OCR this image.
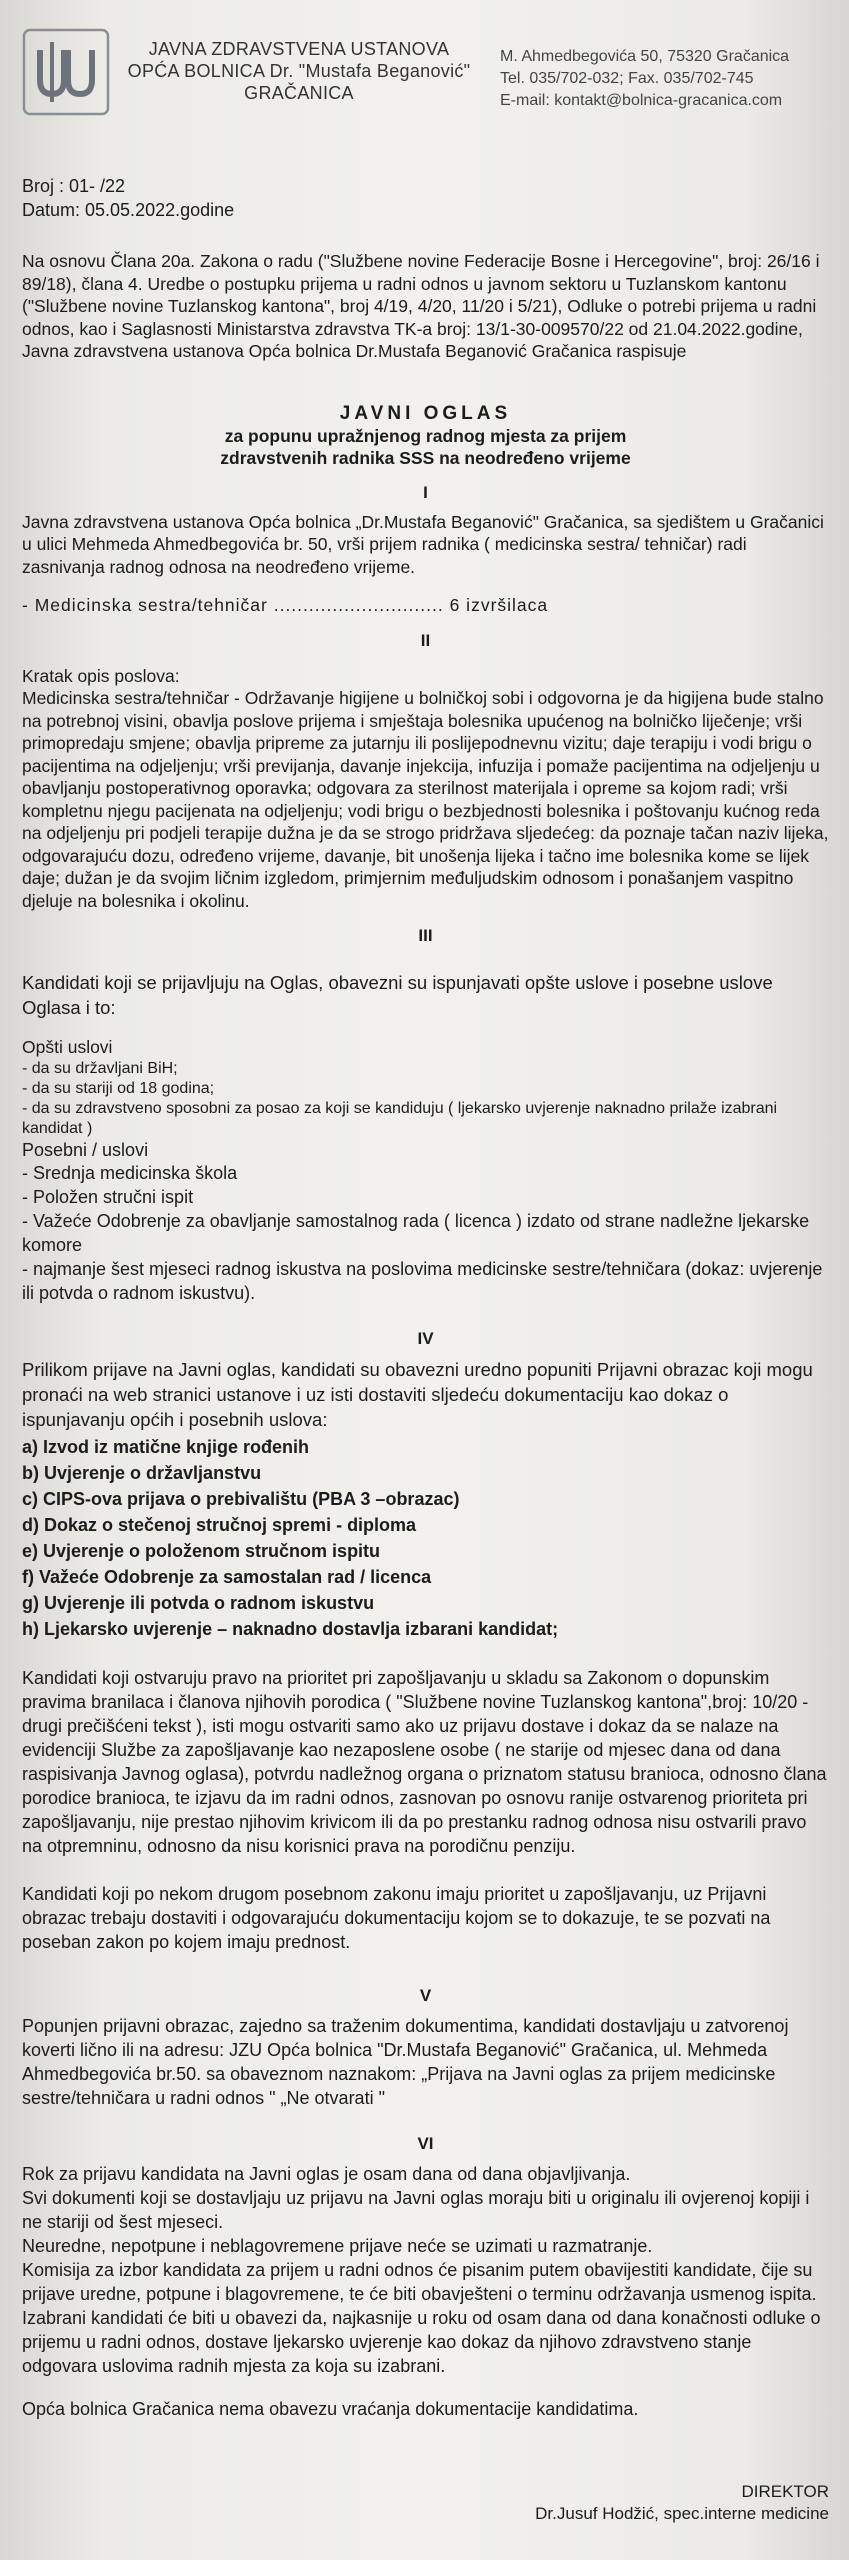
JAVNA ZDRAVSTVENA USTANOVA
OPĆA BOLNICA Dr. "Mustafa Beganović"
GRAČANICA
M. Ahmedbegovića 50, 75320 Gračanica
Tel. 035/702-032; Fax. 035/702-745
E-mail: kontakt@bolnica-gracanica.com
Broj : 01- /22
Datum: 05.05.2022.godine

Na osnovu Člana 20a. Zakona o radu ("Službene novine Federacije Bosne i Hercegovine", broj: 26/16 i 89/18), člana 4. Uredbe o postupku prijema u radni odnos u javnom sektoru u Tuzlanskom kantonu ("Službene novine Tuzlanskog kantona", broj 4/19, 4/20, 11/20 i 5/21), Odluke o potrebi prijema u radni odnos, kao i Saglasnosti Ministarstva zdravstva TK-a broj: 13/1-30-009570/22 od 21.04.2022.godine, Javna zdravstvena ustanova Opća bolnica Dr.Mustafa Beganović Gračanica raspisuje

JAVNI OGLAS
za popunu upražnjenog radnog mjesta za prijem
zdravstvenih radnika SSS na neodređeno vrijeme
I

Javna zdravstvena ustanova Opća bolnica „Dr.Mustafa Beganović" Gračanica, sa sjedištem u Gračanici u ulici Mehmeda Ahmedbegovića br. 50, vrši prijem radnika ( medicinska sestra/ tehničar) radi zasnivanja radnog odnosa na neodređeno vrijeme.

- Medicinska sestra/tehničar ............................. 6 izvršilaca

II

Kratak opis poslova:

Medicinska sestra/tehničar - Održavanje higijene u bolničkoj sobi i odgovorna je da higijena bude stalno na potrebnoj visini, obavlja poslove prijema i smještaja bolesnika upućenog na bolničko liječenje; vrši primopredaju smjene; obavlja pripreme za jutarnju ili poslijepodnevnu vizitu; daje terapiju i vodi brigu o pacijentima na odjeljenju; vrši previjanja, davanje injekcija, infuzija i pomaže pacijentima na odjeljenju u obavljanju postoperativnog oporavka; odgovara za sterilnost materijala i opreme sa kojom radi; vrši kompletnu njegu pacijenata na odjeljenju; vodi brigu o bezbjednosti bolesnika i poštovanju kućnog reda na odjeljenju pri podjeli terapije dužna je da se strogo pridržava sljedećeg: da poznaje tačan naziv lijeka, odgovarajuću dozu, određeno vrijeme, davanje, bit unošenja lijeka i tačno ime bolesnika kome se lijek daje; dužan je da svojim ličnim izgledom, primjernim međuljudskim odnosom i ponašanjem vaspitno djeluje na bolesnika i okolinu.

III

Kandidati koji se prijavljuju na Oglas, obavezni su ispunjavati opšte uslove i posebne uslove Oglasa i to:

Opšti uslovi

- da su državljani BiH;
- da su stariji od 18 godina;
- da su zdravstveno sposobni za posao za koji se kandiduju ( ljekarsko uvjerenje naknadno prilaže izabrani kandidat )

Posebni / uslovi

- Srednja medicinska škola
- Položen stručni ispit
- Važeće Odobrenje za obavljanje samostalnog rada ( licenca ) izdato od strane nadležne ljekarske komore
- najmanje šest mjeseci radnog iskustva na poslovima medicinske sestre/tehničara (dokaz: uvjerenje ili potvda o radnom iskustvu).
IV

Prilikom prijave na Javni oglas, kandidati su obavezni uredno popuniti Prijavni obrazac koji mogu pronaći na web stranici ustanove i uz isti dostaviti sljedeću dokumentaciju kao dokaz o ispunjavanju općih i posebnih uslova:

a) Izvod iz matične knjige rođenih
b) Uvjerenje o državljanstvu
c) CIPS-ova prijava o prebivalištu (PBA 3 –obrazac)
d) Dokaz o stečenoj stručnoj spremi - diploma
e) Uvjerenje o položenom stručnom ispitu
f) Važeće Odobrenje za samostalan rad / licenca
g) Uvjerenje ili potvda o radnom iskustvu
h) Ljekarsko uvjerenje – naknadno dostavlja izbarani kandidat;

Kandidati koji ostvaruju pravo na prioritet pri zapošljavanju u skladu sa Zakonom o dopunskim pravima branilaca i članova njihovih porodica ( "Službene novine Tuzlanskog kantona",broj: 10/20 - drugi prečišćeni tekst ), isti mogu ostvariti samo ako uz prijavu dostave i dokaz da se nalaze na evidenciji Službe za zapošljavanje kao nezaposlene osobe ( ne starije od mjesec dana od dana raspisivanja Javnog oglasa), potvrdu nadležnog organa o priznatom statusu branioca, odnosno člana porodice branioca, te izjavu da im radni odnos, zasnovan po osnovu ranije ostvarenog prioriteta pri zapošljavanju, nije prestao njihovim krivicom ili da po prestanku radnog odnosa nisu ostvarili pravo na otpremninu, odnosno da nisu korisnici prava na porodičnu penziju.

Kandidati koji po nekom drugom posebnom zakonu imaju prioritet u zapošljavanju, uz Prijavni obrazac trebaju dostaviti i odgovarajuću dokumentaciju kojom se to dokazuje, te se pozvati na poseban zakon po kojem imaju prednost.

V

Popunjen prijavni obrazac, zajedno sa traženim dokumentima, kandidati dostavljaju u zatvorenoj koverti lično ili na adresu: JZU Opća bolnica "Dr.Mustafa Beganović" Gračanica, ul. Mehmeda Ahmedbegovića br.50. sa obaveznom naznakom: „Prijava na Javni oglas za prijem medicinske sestre/tehničara u radni odnos " „Ne otvarati "

VI

Rok za prijavu kandidata na Javni oglas je osam dana od dana objavljivanja.

Svi dokumenti koji se dostavljaju uz prijavu na Javni oglas moraju biti u originalu ili ovjerenoj kopiji i ne stariji od šest mjeseci.

Neuredne, nepotpune i neblagovremene prijave neće se uzimati u razmatranje.

Komisija za izbor kandidata za prijem u radni odnos će pisanim putem obavijestiti kandidate, čije su prijave uredne, potpune i blagovremene, te će biti obavješteni o terminu održavanja usmenog ispita.

Izabrani kandidati će biti u obavezi da, najkasnije u roku od osam dana od dana konačnosti odluke o prijemu u radni odnos, dostave ljekarsko uvjerenje kao dokaz da njihovo zdravstveno stanje odgovara uslovima radnih mjesta za koja su izabrani.

Opća bolnica Gračanica nema obavezu vraćanja dokumentacije kandidatima.

DIREKTOR
Dr.Jusuf Hodžić, spec.interne medicine
